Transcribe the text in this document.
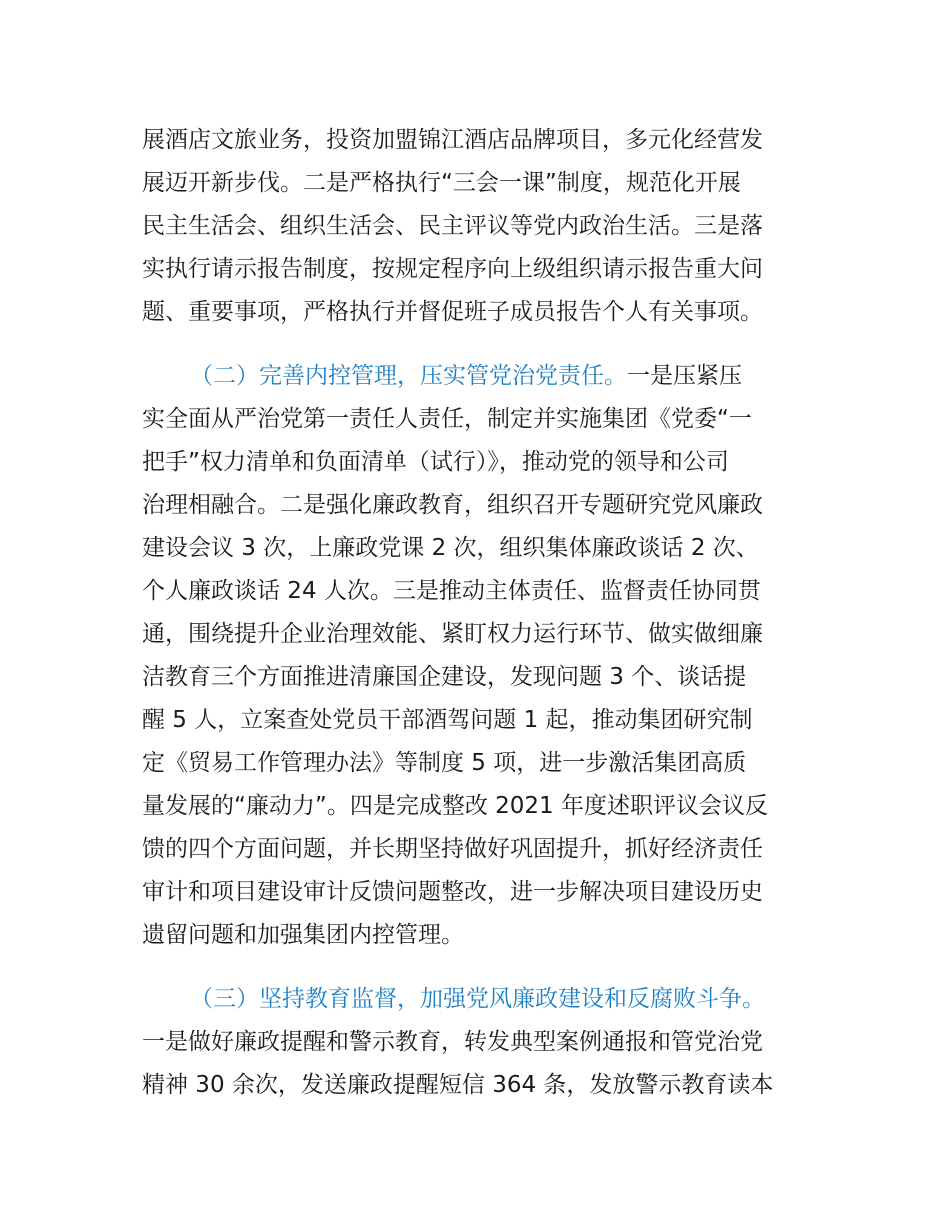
展酒店文旅业务，投资加盟锦江酒店品牌项目，多元化经营发
展迈开新步伐。二是严格执行“三会一课”制度，规范化开展
民主生活会、组织生活会、民主评议等党内政治生活。三是落
实执行请示报告制度，按规定程序向上级组织请示报告重大问
题、重要事项，严格执行并督促班子成员报告个人有关事项。
（二）完善内控管理，压实管党治党责任。一是压紧压
实全面从严治党第一责任人责任，制定并实施集团《党委“一
把手”权力清单和负面清单（试行）》，推动党的领导和公司
治理相融合。二是强化廉政教育，组织召开专题研究党风廉政
建设会议 3 次，上廉政党课 2 次，组织集体廉政谈话 2 次、
个人廉政谈话 24 人次。三是推动主体责任、监督责任协同贯
通，围绕提升企业治理效能、紧盯权力运行环节、做实做细廉
洁教育三个方面推进清廉国企建设，发现问题 3 个、谈话提
醒 5 人，立案查处党员干部酒驾问题 1 起，推动集团研究制
定《贸易工作管理办法》等制度 5 项，进一步激活集团高质
量发展的“廉动力”。四是完成整改 2021 年度述职评议会议反
馈的四个方面问题，并长期坚持做好巩固提升，抓好经济责任
审计和项目建设审计反馈问题整改，进一步解决项目建设历史
遗留问题和加强集团内控管理。
（三）坚持教育监督，加强党风廉政建设和反腐败斗争。
一是做好廉政提醒和警示教育，转发典型案例通报和管党治党
精神 30 余次，发送廉政提醒短信 364 条，发放警示教育读本
